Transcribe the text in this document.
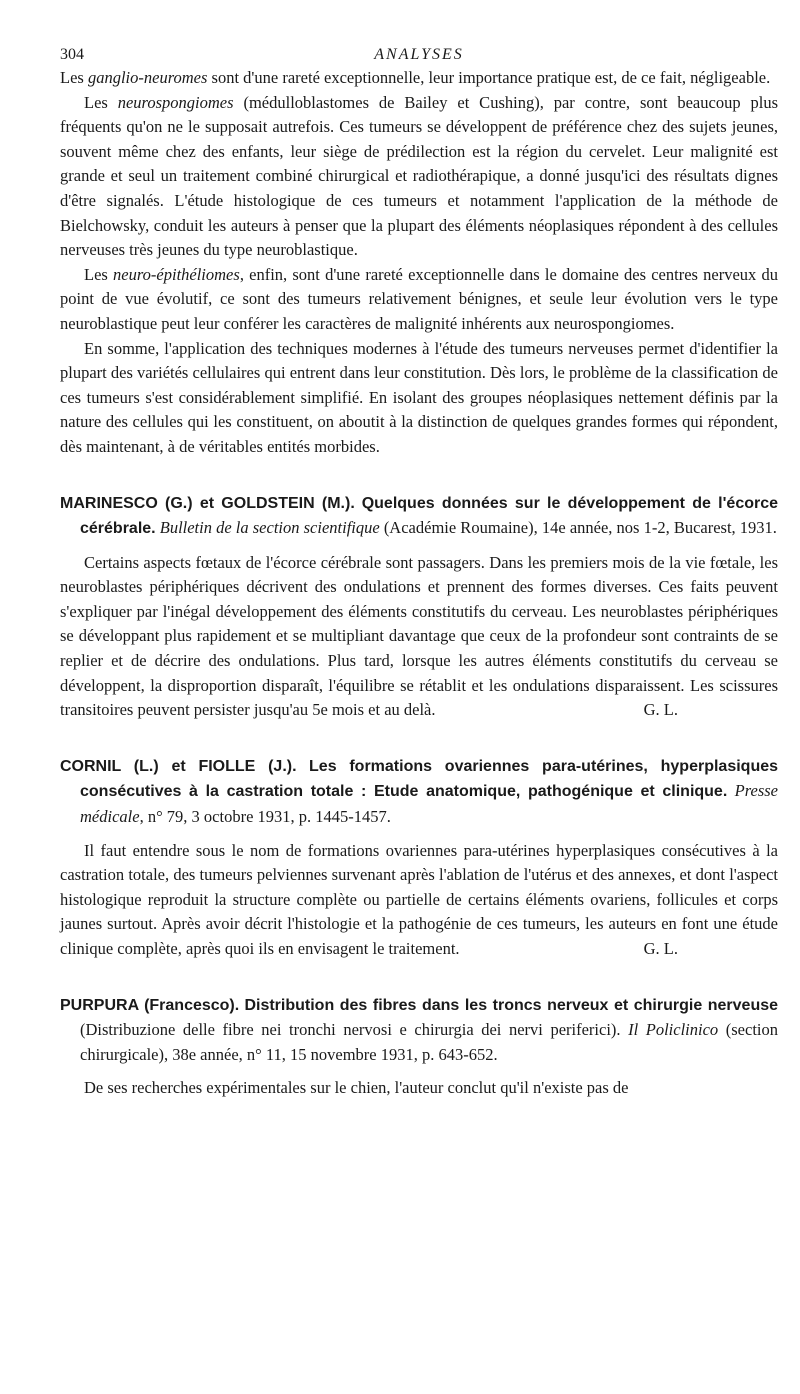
304	ANALYSES

Les ganglio-neuromes sont d'une rareté exceptionnelle, leur importance pratique est, de ce fait, négligeable.

Les neurospongiomes (médulloblastomes de Bailey et Cushing), par contre, sont beaucoup plus fréquents qu'on ne le supposait autrefois. Ces tumeurs se développent de préférence chez des sujets jeunes, souvent même chez des enfants, leur siège de prédilection est la région du cervelet. Leur malignité est grande et seul un traitement combiné chirurgical et radiothérapique, a donné jusqu'ici des résultats dignes d'être signalés. L'étude histologique de ces tumeurs et notamment l'application de la méthode de Bielchowsky, conduit les auteurs à penser que la plupart des éléments néoplasiques répondent à des cellules nerveuses très jeunes du type neuroblastique.

Les neuro-épithéliomes, enfin, sont d'une rareté exceptionnelle dans le domaine des centres nerveux du point de vue évolutif, ce sont des tumeurs relativement bénignes, et seule leur évolution vers le type neuroblastique peut leur conférer les caractères de malignité inhérents aux neurospongiomes.

En somme, l'application des techniques modernes à l'étude des tumeurs nerveuses permet d'identifier la plupart des variétés cellulaires qui entrent dans leur constitution. Dès lors, le problème de la classification de ces tumeurs s'est considérablement simplifié. En isolant des groupes néoplasiques nettement définis par la nature des cellules qui les constituent, on aboutit à la distinction de quelques grandes formes qui répondent, dès maintenant, à de véritables entités morbides.

MARINESCO (G.) et GOLDSTEIN (M.). Quelques données sur le développement de l'écorce cérébrale. Bulletin de la section scientifique (Académie Roumaine), 14e année, nos 1-2, Bucarest, 1931.

Certains aspects fœtaux de l'écorce cérébrale sont passagers. Dans les premiers mois de la vie fœtale, les neuroblastes périphériques décrivent des ondulations et prennent des formes diverses. Ces faits peuvent s'expliquer par l'inégal développement des éléments constitutifs du cerveau. Les neuroblastes périphériques se développant plus rapidement et se multipliant davantage que ceux de la profondeur sont contraints de se replier et de décrire des ondulations. Plus tard, lorsque les autres éléments constitutifs du cerveau se développent, la disproportion disparaît, l'équilibre se rétablit et les ondulations disparaissent. Les scissures transitoires peuvent persister jusqu'au 5e mois et au delà.	G. L.

CORNIL (L.) et FIOLLE (J.). Les formations ovariennes para-utérines, hyperplasiques consécutives à la castration totale : Etude anatomique, pathogénique et clinique. Presse médicale, n° 79, 3 octobre 1931, p. 1445-1457.

Il faut entendre sous le nom de formations ovariennes para-utérines hyperplasiques consécutives à la castration totale, des tumeurs pelviennes survenant après l'ablation de l'utérus et des annexes, et dont l'aspect histologique reproduit la structure complète ou partielle de certains éléments ovariens, follicules et corps jaunes surtout. Après avoir décrit l'histologie et la pathogénie de ces tumeurs, les auteurs en font une étude clinique complète, après quoi ils en envisagent le traitement.	G. L.

PURPURA (Francesco). Distribution des fibres dans les troncs nerveux et chirurgie nerveuse (Distribuzione delle fibre nei tronchi nervosi e chirurgia dei nervi periferici). Il Policlinico (section chirurgicale), 38e année, n° 11, 15 novembre 1931, p. 643-652.

De ses recherches expérimentales sur le chien, l'auteur conclut qu'il n'existe pas de
